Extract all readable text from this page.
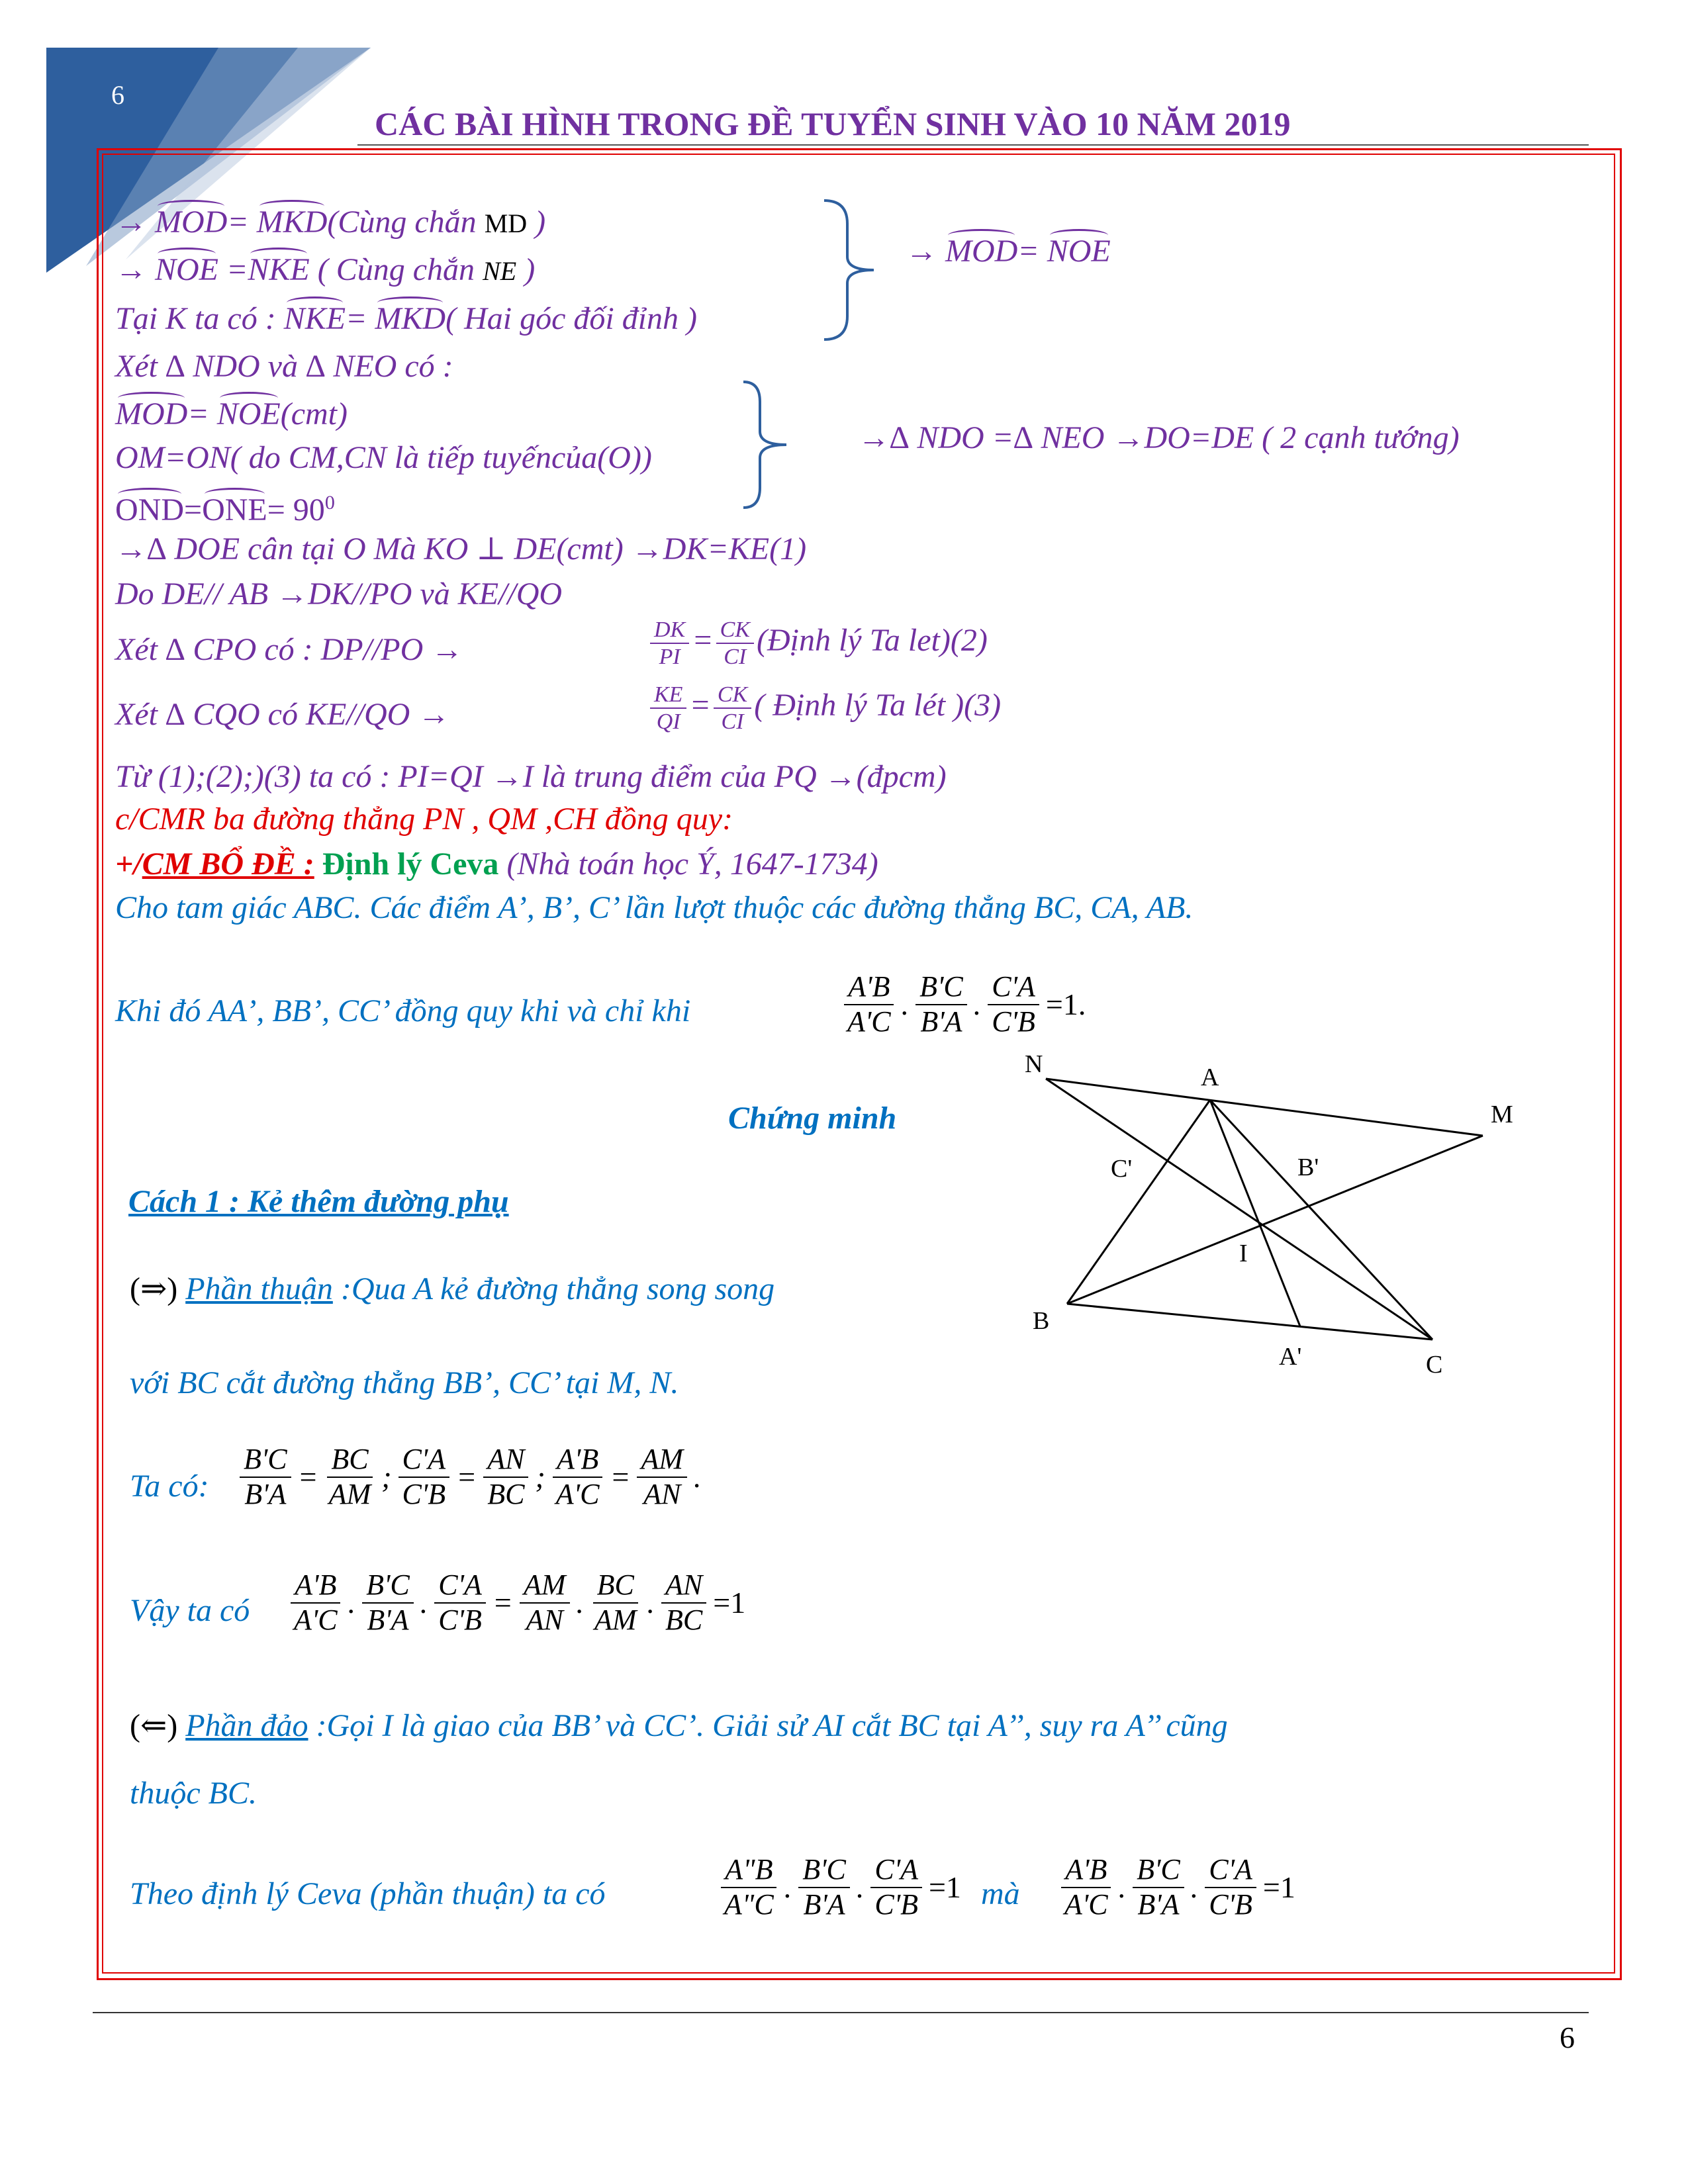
6
CÁC BÀI HÌNH TRONG ĐỀ TUYỂN SINH VÀO 10 NĂM 2019
→ MOD= MKD(Cùng chắn MD )
→ NOE =NKE ( Cùng chắn NE )
Tại K ta có : NKE= MKD( Hai góc đối đỉnh )
→ MOD= NOE
Xét ∆ NDO và ∆ NEO có :
MOD= NOE(cmt)
OM=ON( do CM,CN là tiếp tuyếncủa(O))
$OND=ONE= 90^0$
→∆ NDO =∆ NEO →DO=DE ( 2 cạnh tướng)
→∆ DOE cân tại O Mà KO ⊥ DE(cmt) →DK=KE(1)
Do DE// AB →DK//PO và KE//QO
Xét ∆ CPO có : DP//PO →	$\frac{DK}{PI} = \frac{CK}{CI}$ (Định lý Ta let)(2)
Xét ∆ CQO có KE//QO →	$\frac{KE}{QI} = \frac{CK}{CI}$ ( Định lý Ta lét )(3)
Từ (1);(2);)(3) ta có : PI=QI →I là trung điểm của PQ →(đpcm)
c/CMR ba đường thẳng PN , QM ,CH đồng quy:
+/CM BỔ ĐỀ : Định lý Ceva (Nhà toán học Ý, 1647-1734)
Cho tam giác ABC. Các điểm A’, B’, C’ lần lượt thuộc các đường thẳng BC, CA, AB.
Khi đó AA’, BB’, CC’ đồng quy khi và chỉ khi	$\frac{A'B}{A'C}$ . $\frac{B'C}{B'A}$ . $\frac{C'A}{C'B} =1$.
Chứng minh
Cách 1 : Kẻ thêm đường phụ
(⇒) Phần thuận :Qua A kẻ đường thẳng song song
với BC cắt đường thẳng BB’, CC’ tại M, N.
Ta có: $\frac{B'C}{B'A} = \frac{BC}{AM}$ ; $\frac{C'A}{C'B} = \frac{AN}{BC}$ ; $\frac{A'B}{A'C} = \frac{AM}{AN}$ .
Vậy ta có $\frac{A'B}{A'C}$ . $\frac{B'C}{B'A}$ . $\frac{C'A}{C'B} = \frac{AM}{AN}$ . $\frac{BC}{AM}$ . $\frac{AN}{BC} =1$
(⇐) Phần đảo :Gọi I là giao của BB’ và CC’. Giải sử AI cắt BC tại A’’, suy ra A’’ cũng
thuộc BC.
Theo định lý Ceva (phần thuận) ta có	$\frac{A"B}{A"C}$ . $\frac{B'C}{B'A}$ . $\frac{C'A}{C'B} =1$ mà $\frac{A'B}{A'C}$ . $\frac{B'C}{B'A}$ . $\frac{C'A}{C'B} =1$
N	A
M
C'	B'
I
B
A'	C
6
